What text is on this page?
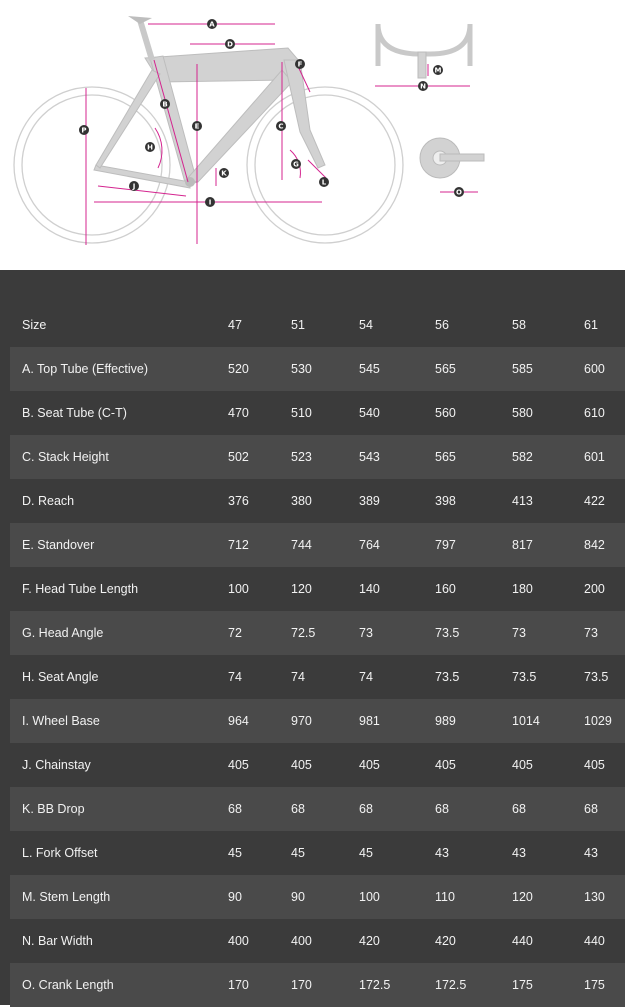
A
B
C
D
E
F
G
H
I
J
K
L
M
N
O
P
Size	47	51	54	56	58	61
A. Top Tube (Effective)	520	530	545	565	585	600
B. Seat Tube (C-T)	470	510	540	560	580	610
C. Stack Height	502	523	543	565	582	601
D. Reach	376	380	389	398	413	422
E. Standover	712	744	764	797	817	842
F. Head Tube Length	100	120	140	160	180	200
G. Head Angle	72	72.5	73	73.5	73	73
H. Seat Angle	74	74	74	73.5	73.5	73.5
I. Wheel Base	964	970	981	989	1014	1029
J. Chainstay	405	405	405	405	405	405
K. BB Drop	68	68	68	68	68	68
L. Fork Offset	45	45	45	43	43	43
M. Stem Length	90	90	100	110	120	130
N. Bar Width	400	400	420	420	440	440
O. Crank Length	170	170	172.5	172.5	175	175
